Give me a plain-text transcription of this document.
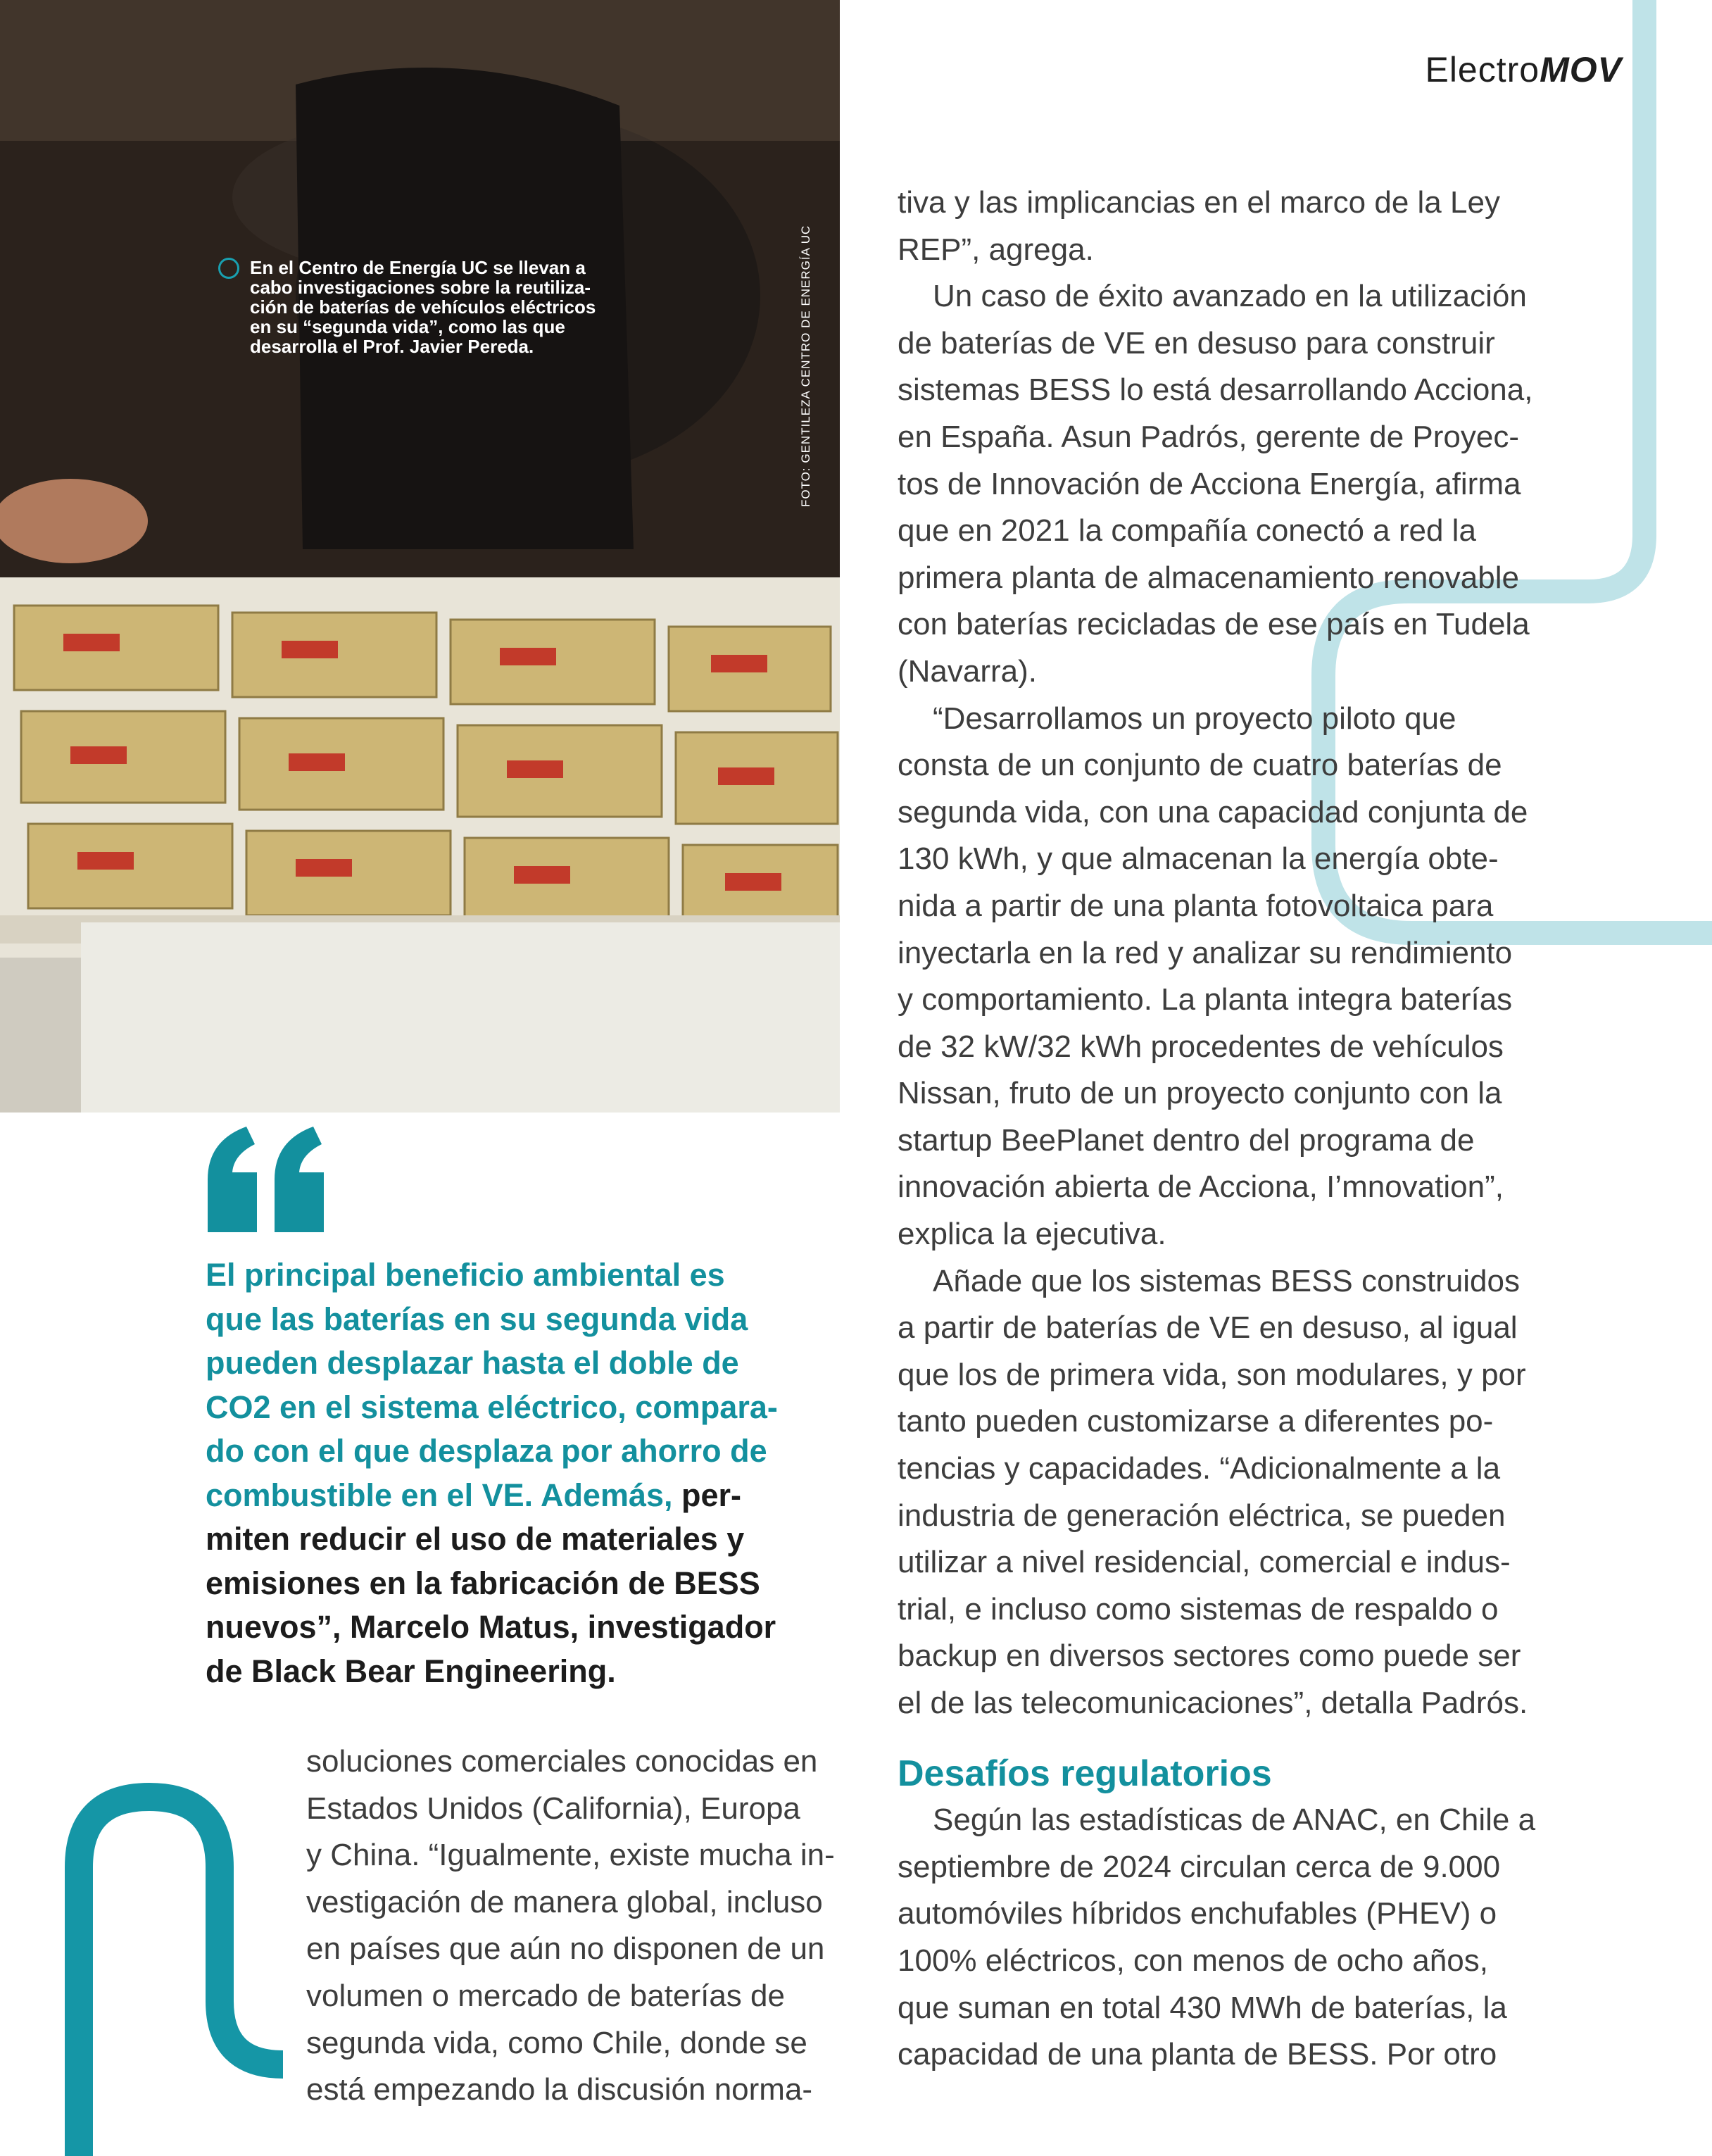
ElectroMOV
En el Centro de Energía UC se llevan a
cabo investigaciones sobre la reutiliza-
ción de baterías de vehículos eléctricos
en su “segunda vida”, como las que
desarrolla el Prof. Javier Pereda.	FOTO: GENTILEZA CENTRO DE ENERGÍA UC
El principal beneficio ambiental es
que las baterías en su segunda vida
pueden desplazar hasta el doble de
CO2 en el sistema eléctrico, compara-
do con el que desplaza por ahorro de
combustible en el VE. Además, per-
miten reducir el uso de materiales y
emisiones en la fabricación de BESS
nuevos”, Marcelo Matus, investigador
de Black Bear Engineering.
soluciones comerciales conocidas en
Estados Unidos (California), Europa
y China. “Igualmente, existe mucha in-
vestigación de manera global, incluso
en países que aún no disponen de un
volumen o mercado de baterías de
segunda vida, como Chile, donde se
está empezando la discusión norma-
tiva y las implicancias en el marco de la Ley
REP”, agrega.
Un caso de éxito avanzado en la utilización
de baterías de VE en desuso para construir
sistemas BESS lo está desarrollando Acciona,
en España. Asun Padrós, gerente de Proyec-
tos de Innovación de Acciona Energía, afirma
que en 2021 la compañía conectó a red la
primera planta de almacenamiento renovable
con baterías recicladas de ese país en Tudela
(Navarra).
“Desarrollamos un proyecto piloto que
consta de un conjunto de cuatro baterías de
segunda vida, con una capacidad conjunta de
130 kWh, y que almacenan la energía obte-
nida a partir de una planta fotovoltaica para
inyectarla en la red y analizar su rendimiento
y comportamiento. La planta integra baterías
de 32 kW/32 kWh procedentes de vehículos
Nissan, fruto de un proyecto conjunto con la
startup BeePlanet dentro del programa de
innovación abierta de Acciona, I’mnovation”,
explica la ejecutiva.
Añade que los sistemas BESS construidos
a partir de baterías de VE en desuso, al igual
que los de primera vida, son modulares, y por
tanto pueden customizarse a diferentes po-
tencias y capacidades. “Adicionalmente a la
industria de generación eléctrica, se pueden
utilizar a nivel residencial, comercial e indus-
trial, e incluso como sistemas de respaldo o
backup en diversos sectores como puede ser
el de las telecomunicaciones”, detalla Padrós.
Desafíos regulatorios
Según las estadísticas de ANAC, en Chile a
septiembre de 2024 circulan cerca de 9.000
automóviles híbridos enchufables (PHEV) o
100% eléctricos, con menos de ocho años,
que suman en total 430 MWh de baterías, la
capacidad de una planta de BESS. Por otro
